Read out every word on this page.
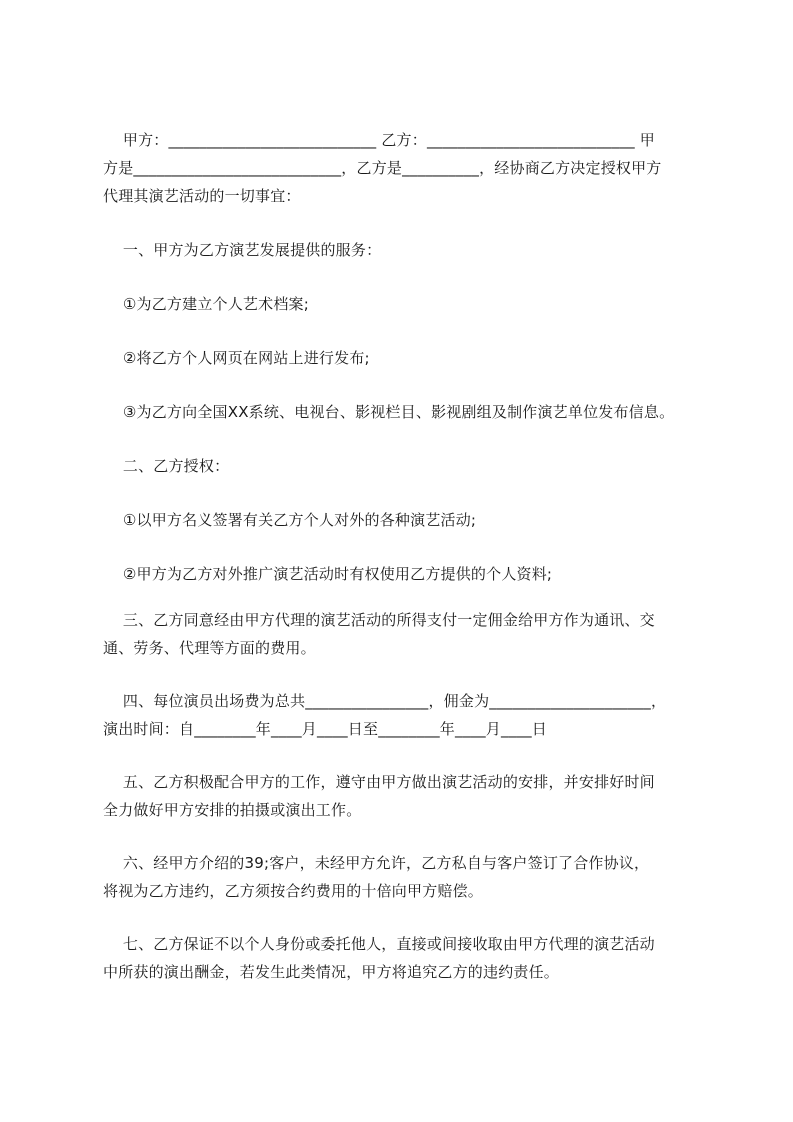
甲方：___________________________ 乙方：___________________________ 甲
方是___________________________，乙方是__________，经协商乙方决定授权甲方
代理其演艺活动的一切事宜：
一、甲方为乙方演艺发展提供的服务：
①为乙方建立个人艺术档案;
②将乙方个人网页在网站上进行发布;
③为乙方向全国XX系统、电视台、影视栏目、影视剧组及制作演艺单位发布信息。
二、乙方授权：
①以甲方名义签署有关乙方个人对外的各种演艺活动;
②甲方为乙方对外推广演艺活动时有权使用乙方提供的个人资料;
三、乙方同意经由甲方代理的演艺活动的所得支付一定佣金给甲方作为通讯、交
通、劳务、代理等方面的费用。
四、每位演员出场费为总共________________，佣金为_____________________，
演出时间：自________年____月____日至________年____月____日
五、乙方积极配合甲方的工作，遵守由甲方做出演艺活动的安排，并安排好时间
全力做好甲方安排的拍摄或演出工作。
六、经甲方介绍的39;客户，未经甲方允许，乙方私自与客户签订了合作协议，
将视为乙方违约，乙方须按合约费用的十倍向甲方赔偿。
七、乙方保证不以个人身份或委托他人，直接或间接收取由甲方代理的演艺活动
中所获的演出酬金，若发生此类情况，甲方将追究乙方的违约责任。
